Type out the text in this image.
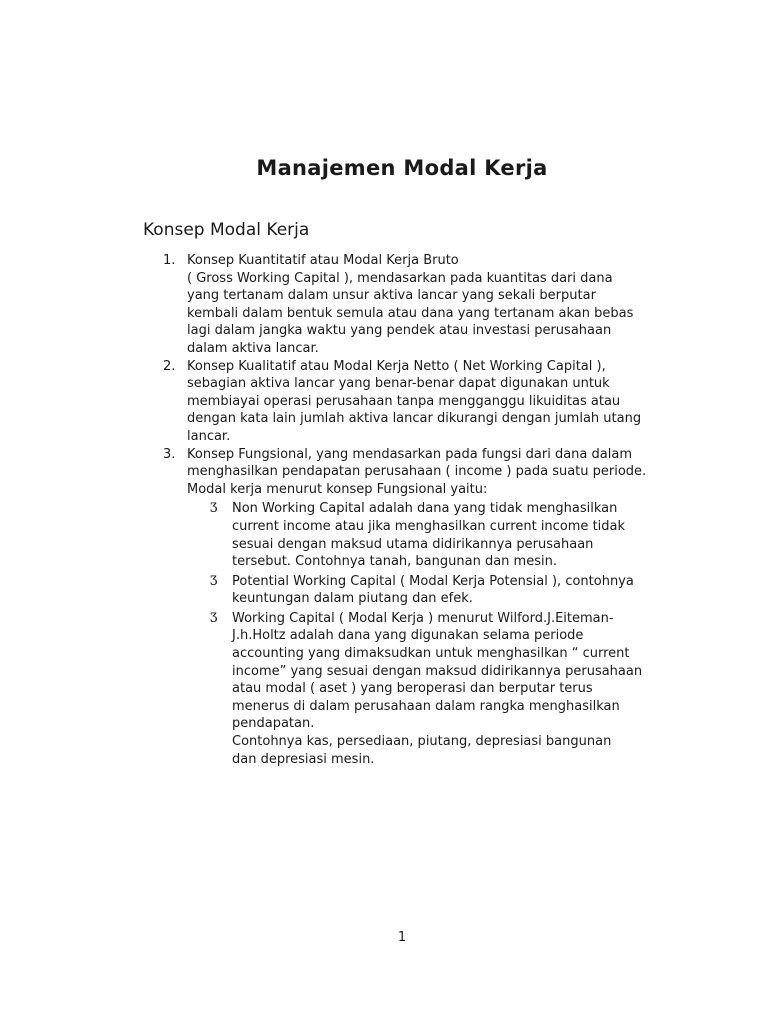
Manajemen Modal Kerja
Konsep Modal Kerja
1. Konsep Kuantitatif atau Modal Kerja Bruto
( Gross Working Capital ), mendasarkan pada kuantitas dari dana
yang tertanam dalam unsur aktiva lancar yang sekali berputar
kembali dalam bentuk semula atau dana yang tertanam akan bebas
lagi dalam jangka waktu yang pendek atau investasi perusahaan
dalam aktiva lancar.
2. Konsep Kualitatif atau Modal Kerja Netto ( Net Working Capital ),
sebagian aktiva lancar yang benar-benar dapat digunakan untuk
membiayai operasi perusahaan tanpa mengganggu likuiditas atau
dengan kata lain jumlah aktiva lancar dikurangi dengan jumlah utang
lancar.
3. Konsep Fungsional, yang mendasarkan pada fungsi dari dana dalam
menghasilkan pendapatan perusahaan ( income ) pada suatu periode.
Modal kerja menurut konsep Fungsional yaitu:
Ʒ Non Working Capital adalah dana yang tidak menghasilkan
current income atau jika menghasilkan current income tidak
sesuai dengan maksud utama didirikannya perusahaan
tersebut. Contohnya tanah, bangunan dan mesin.
Ʒ Potential Working Capital ( Modal Kerja Potensial ), contohnya
keuntungan dalam piutang dan efek.
Ʒ Working Capital ( Modal Kerja ) menurut Wilford.J.Eiteman-
J.h.Holtz adalah dana yang digunakan selama periode
accounting yang dimaksudkan untuk menghasilkan “ current
income” yang sesuai dengan maksud didirikannya perusahaan
atau modal ( aset ) yang beroperasi dan berputar terus
menerus di dalam perusahaan dalam rangka menghasilkan
pendapatan.
Contohnya kas, persediaan, piutang, depresiasi bangunan
dan depresiasi mesin.
1
